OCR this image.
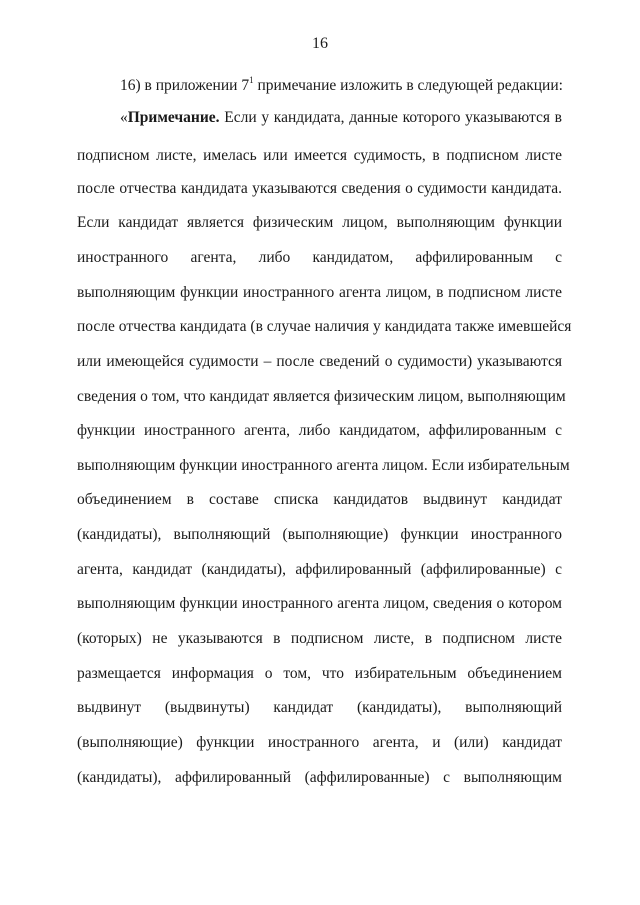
16
16) в приложении $7^1$ примечание изложить в следующей редакции:
«Примечание. Если у кандидата, данные которого указываются в
подписном листе, имелась или имеется судимость, в подписном листе
после отчества кандидата указываются сведения о судимости кандидата.
Если кандидат является физическим лицом, выполняющим функции
иностранного агента, либо кандидатом, аффилированным с
выполняющим функции иностранного агента лицом, в подписном листе
после отчества кандидата (в случае наличия у кандидата также имевшейся
или имеющейся судимости – после сведений о судимости) указываются
сведения о том, что кандидат является физическим лицом, выполняющим
функции иностранного агента, либо кандидатом, аффилированным с
выполняющим функции иностранного агента лицом. Если избирательным
объединением в составе списка кандидатов выдвинут кандидат
(кандидаты), выполняющий (выполняющие) функции иностранного
агента, кандидат (кандидаты), аффилированный (аффилированные) с
выполняющим функции иностранного агента лицом, сведения о котором
(которых) не указываются в подписном листе, в подписном листе
размещается информация о том, что избирательным объединением
выдвинут (выдвинуты) кандидат (кандидаты), выполняющий
(выполняющие) функции иностранного агента, и (или) кандидат
(кандидаты), аффилированный (аффилированные) с выполняющим
